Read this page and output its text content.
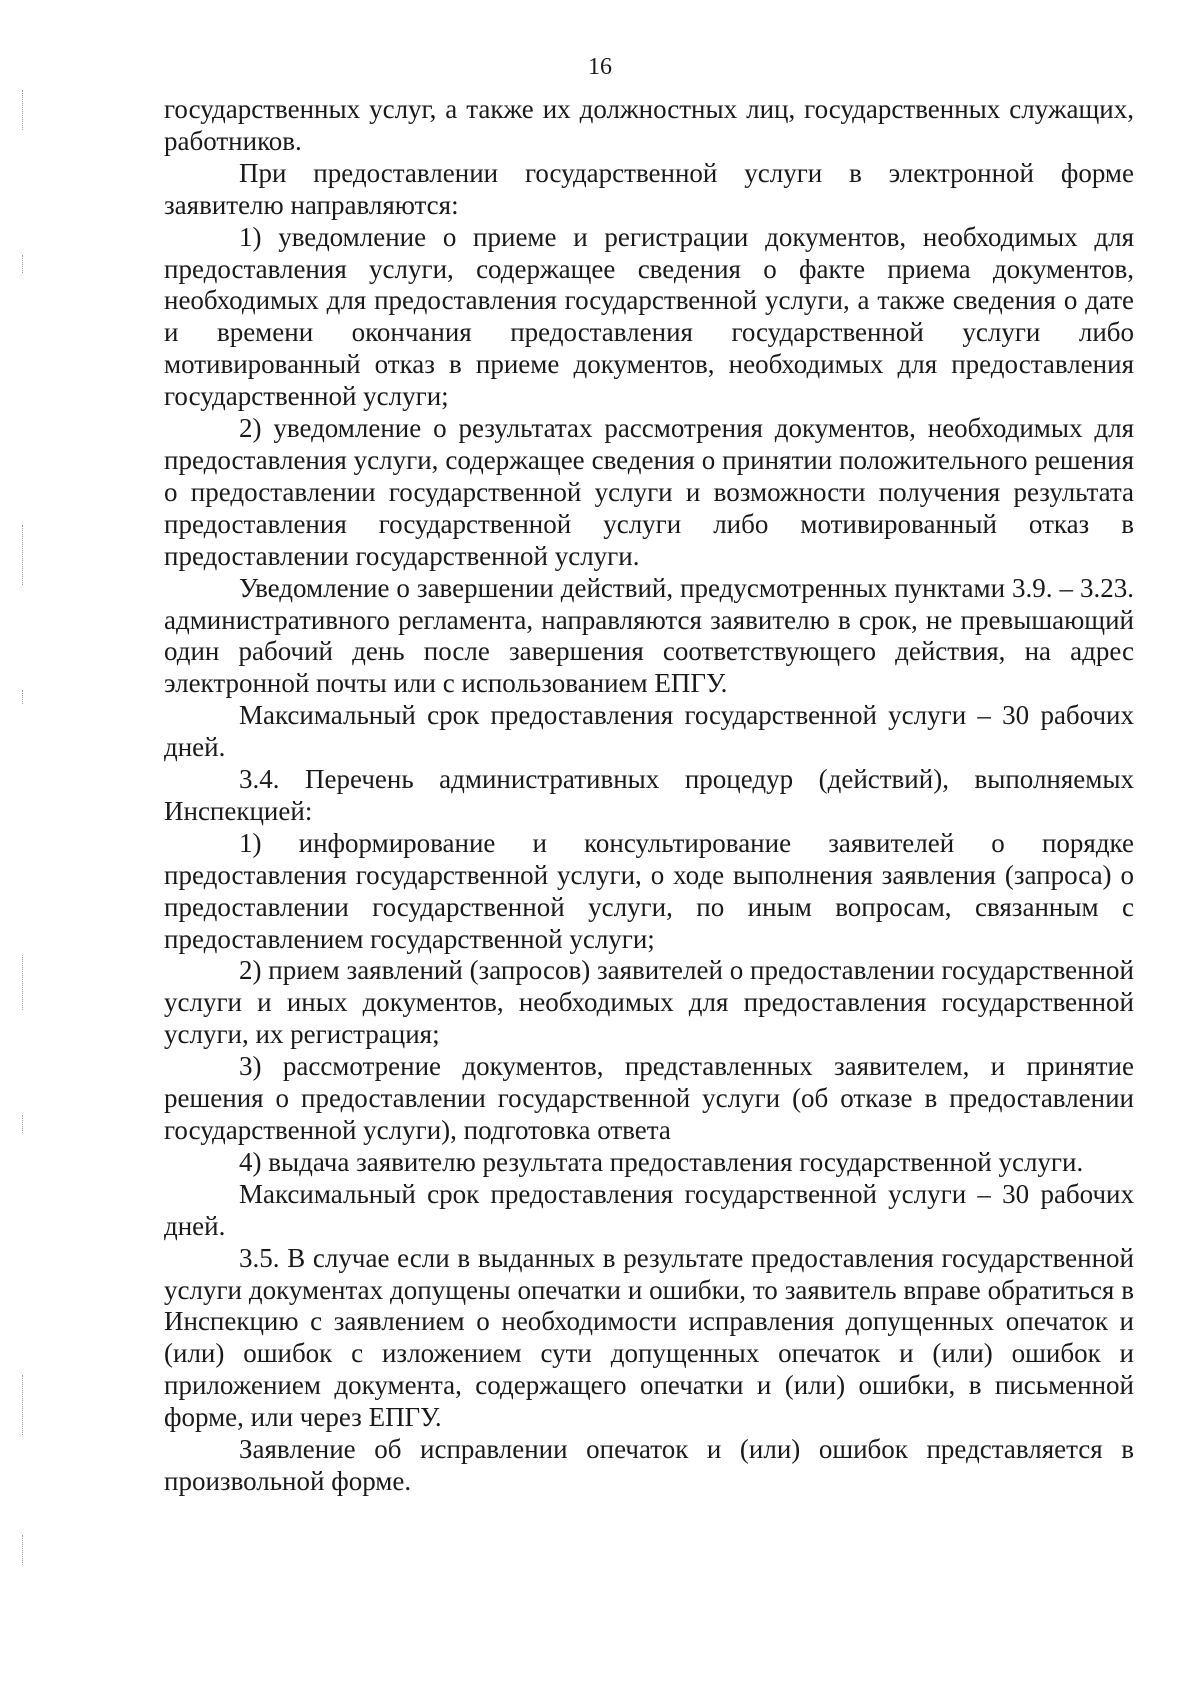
16

государственных услуг, а также их должностных лиц, государственных служащих, работников.

При предоставлении государственной услуги в электронной форме заявителю направляются:

1) уведомление о приеме и регистрации документов, необходимых для предоставления услуги, содержащее сведения о факте приема документов, необходимых для предоставления государственной услуги, а также сведения о дате и времени окончания предоставления государственной услуги либо мотивированный отказ в приеме документов, необходимых для предоставления государственной услуги;

2) уведомление о результатах рассмотрения документов, необходимых для предоставления услуги, содержащее сведения о принятии положительного решения о предоставлении государственной услуги и возможности получения результата предоставления государственной услуги либо мотивированный отказ в предоставлении государственной услуги.

Уведомление о завершении действий, предусмотренных пунктами 3.9. – 3.23. административного регламента, направляются заявителю в срок, не превышающий один рабочий день после завершения соответствующего действия, на адрес электронной почты или с использованием ЕПГУ.

Максимальный срок предоставления государственной услуги – 30 рабочих дней.

3.4. Перечень административных процедур (действий), выполняемых Инспекцией:

1) информирование и консультирование заявителей о порядке предоставления государственной услуги, о ходе выполнения заявления (запроса) о предоставлении государственной услуги, по иным вопросам, связанным с предоставлением государственной услуги;

2) прием заявлений (запросов) заявителей о предоставлении государственной услуги и иных документов, необходимых для предоставления государственной услуги, их регистрация;

3) рассмотрение документов, представленных заявителем, и принятие решения о предоставлении государственной услуги (об отказе в предоставлении государственной услуги), подготовка ответа

4) выдача заявителю результата предоставления государственной услуги.

Максимальный срок предоставления государственной услуги – 30 рабочих дней.

3.5. В случае если в выданных в результате предоставления государственной услуги документах допущены опечатки и ошибки, то заявитель вправе обратиться в Инспекцию с заявлением о необходимости исправления допущенных опечаток и (или) ошибок с изложением сути допущенных опечаток и (или) ошибок и приложением документа, содержащего опечатки и (или) ошибки, в письменной форме, или через ЕПГУ.

Заявление об исправлении опечаток и (или) ошибок представляется в произвольной форме.
